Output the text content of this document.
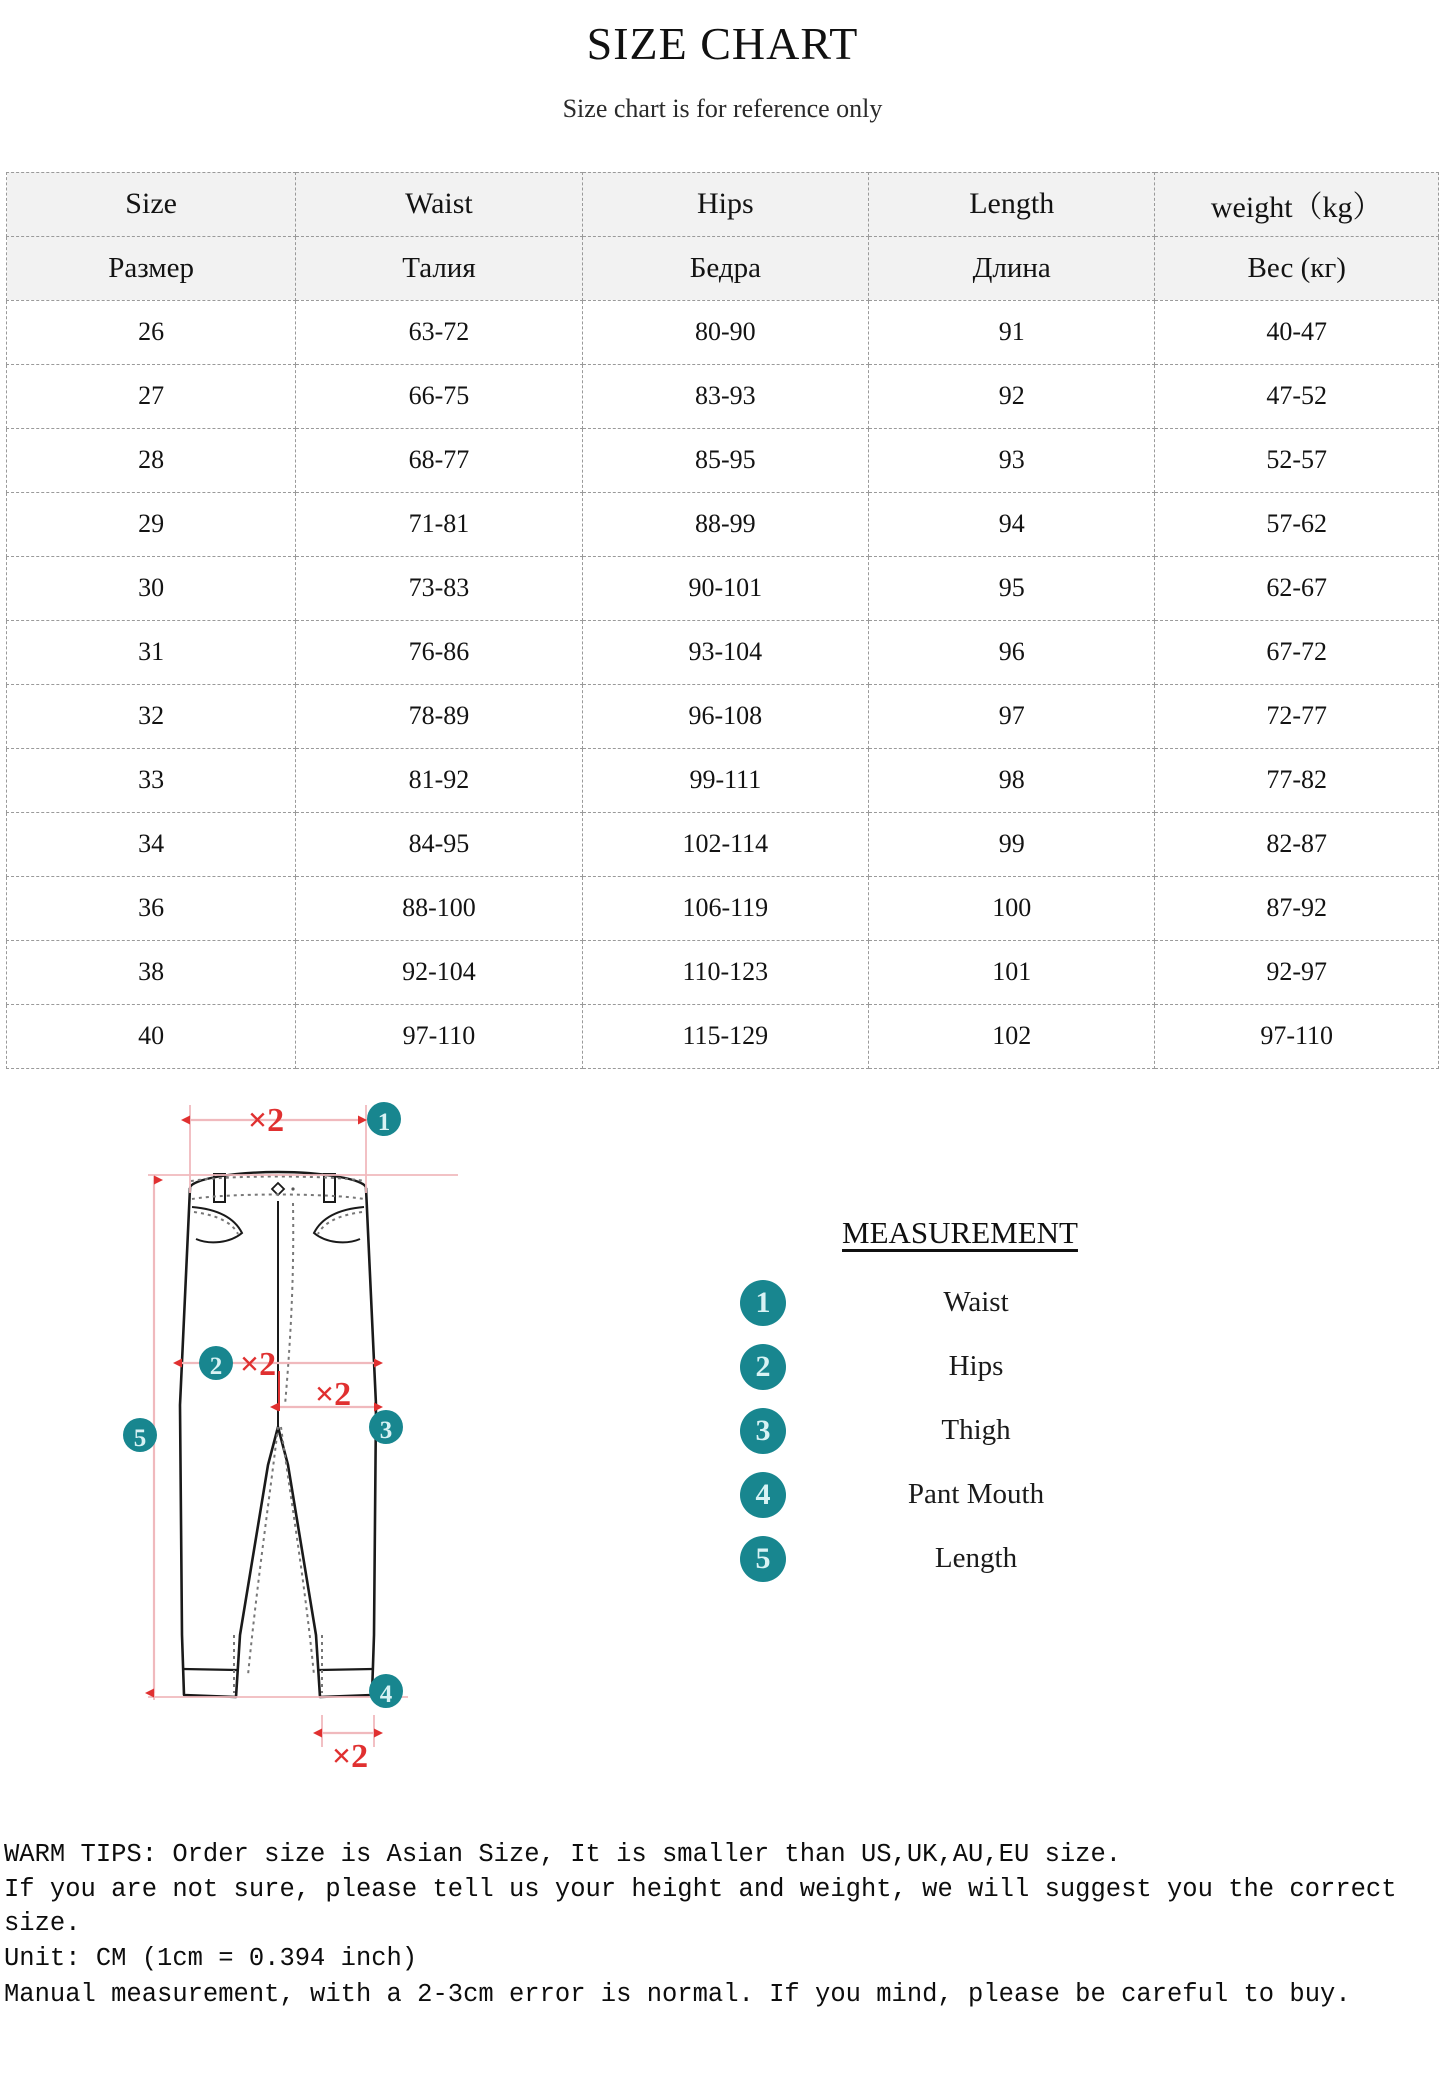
SIZE CHART
Size chart is for reference only
Size	Waist	Hips	Length	weight（kg）
Размер	Талия	Бедра	Длина	Вес (кг)
26	63-72	80-90	91	40-47
27	66-75	83-93	92	47-52
28	68-77	85-95	93	52-57
29	71-81	88-99	94	57-62
30	73-83	90-101	95	62-67
31	76-86	93-104	96	67-72
32	78-89	96-108	97	72-77
33	81-92	99-111	98	77-82
34	84-95	102-114	99	82-87
36	88-100	106-119	100	87-92
38	92-104	110-123	101	92-97
40	97-110	115-129	102	97-110
×2	1
2 ×2
×2
3
×2
4
5
MEASUREMENT
1	Waist
2	Hips
3	Thigh
4	Pant Mouth
5	Length

WARM TIPS: Order size is Asian Size, It is smaller than US,UK,AU,EU size.

If you are not sure, please tell us your height and weight, we will suggest you the correct size.

Unit: CM (1cm = 0.394 inch)

Manual measurement, with a 2-3cm error is normal. If you mind, please be careful to buy.
